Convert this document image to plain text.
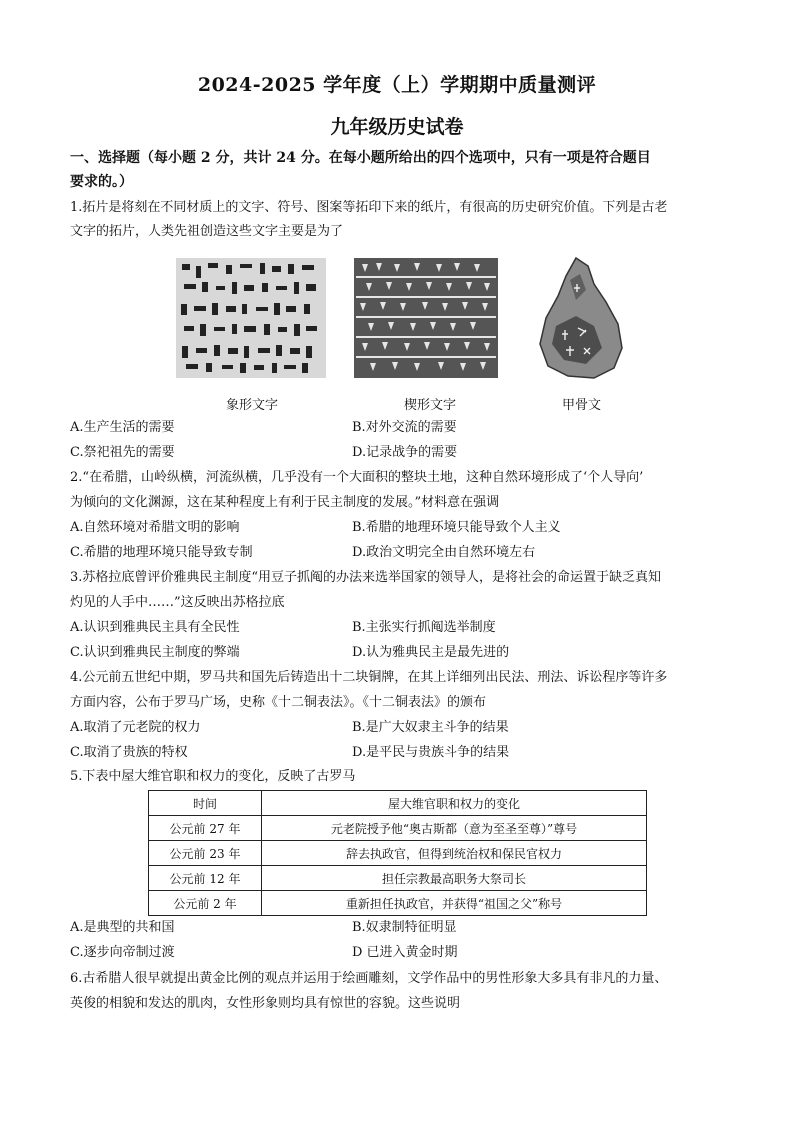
2024-2025 学年度（上）学期期中质量测评
九年级历史试卷
一、选择题（每小题 2 分，共计 24 分。在每小题所给出的四个选项中，只有一项是符合题目
要求的。）
1.拓片是将刻在不同材质上的文字、符号、图案等拓印下来的纸片，有很高的历史研究价值。下列是古老
文字的拓片，人类先祖创造这些文字主要是为了
象形文字	楔形文字	甲骨文
A.生产生活的需要	B.对外交流的需要
C.祭祀祖先的需要	D.记录战争的需要
2.“在希腊，山岭纵横，河流纵横，几乎没有一个大面积的整块土地，这种自然环境形成了‘个人导向’
为倾向的文化渊源，这在某种程度上有利于民主制度的发展。”材料意在强调
A.自然环境对希腊文明的影响	B.希腊的地理环境只能导致个人主义
C.希腊的地理环境只能导致专制	D.政治文明完全由自然环境左右
3.苏格拉底曾评价雅典民主制度“用豆子抓阄的办法来选举国家的领导人，是将社会的命运置于缺乏真知
灼见的人手中……”这反映出苏格拉底
A.认识到雅典民主具有全民性	B.主张实行抓阄选举制度
C.认识到雅典民主制度的弊端	D.认为雅典民主是最先进的
4.公元前五世纪中期，罗马共和国先后铸造出十二块铜牌，在其上详细列出民法、刑法、诉讼程序等许多
方面内容，公布于罗马广场，史称《十二铜表法》。《十二铜表法》的颁布
A.取消了元老院的权力	B.是广大奴隶主斗争的结果
C.取消了贵族的特权	D.是平民与贵族斗争的结果
5.下表中屋大维官职和权力的变化，反映了古罗马
时间	屋大维官职和权力的变化
公元前 27 年	元老院授予他“奥古斯都（意为至圣至尊）”尊号
公元前 23 年	辞去执政官，但得到统治权和保民官权力
公元前 12 年	担任宗教最高职务大祭司长
公元前 2 年	重新担任执政官，并获得“祖国之父”称号
A.是典型的共和国	B.奴隶制特征明显
C.逐步向帝制过渡	D 已进入黄金时期
6.古希腊人很早就提出黄金比例的观点并运用于绘画雕刻，文学作品中的男性形象大多具有非凡的力量、
英俊的相貌和发达的肌肉，女性形象则均具有惊世的容貌。这些说明
